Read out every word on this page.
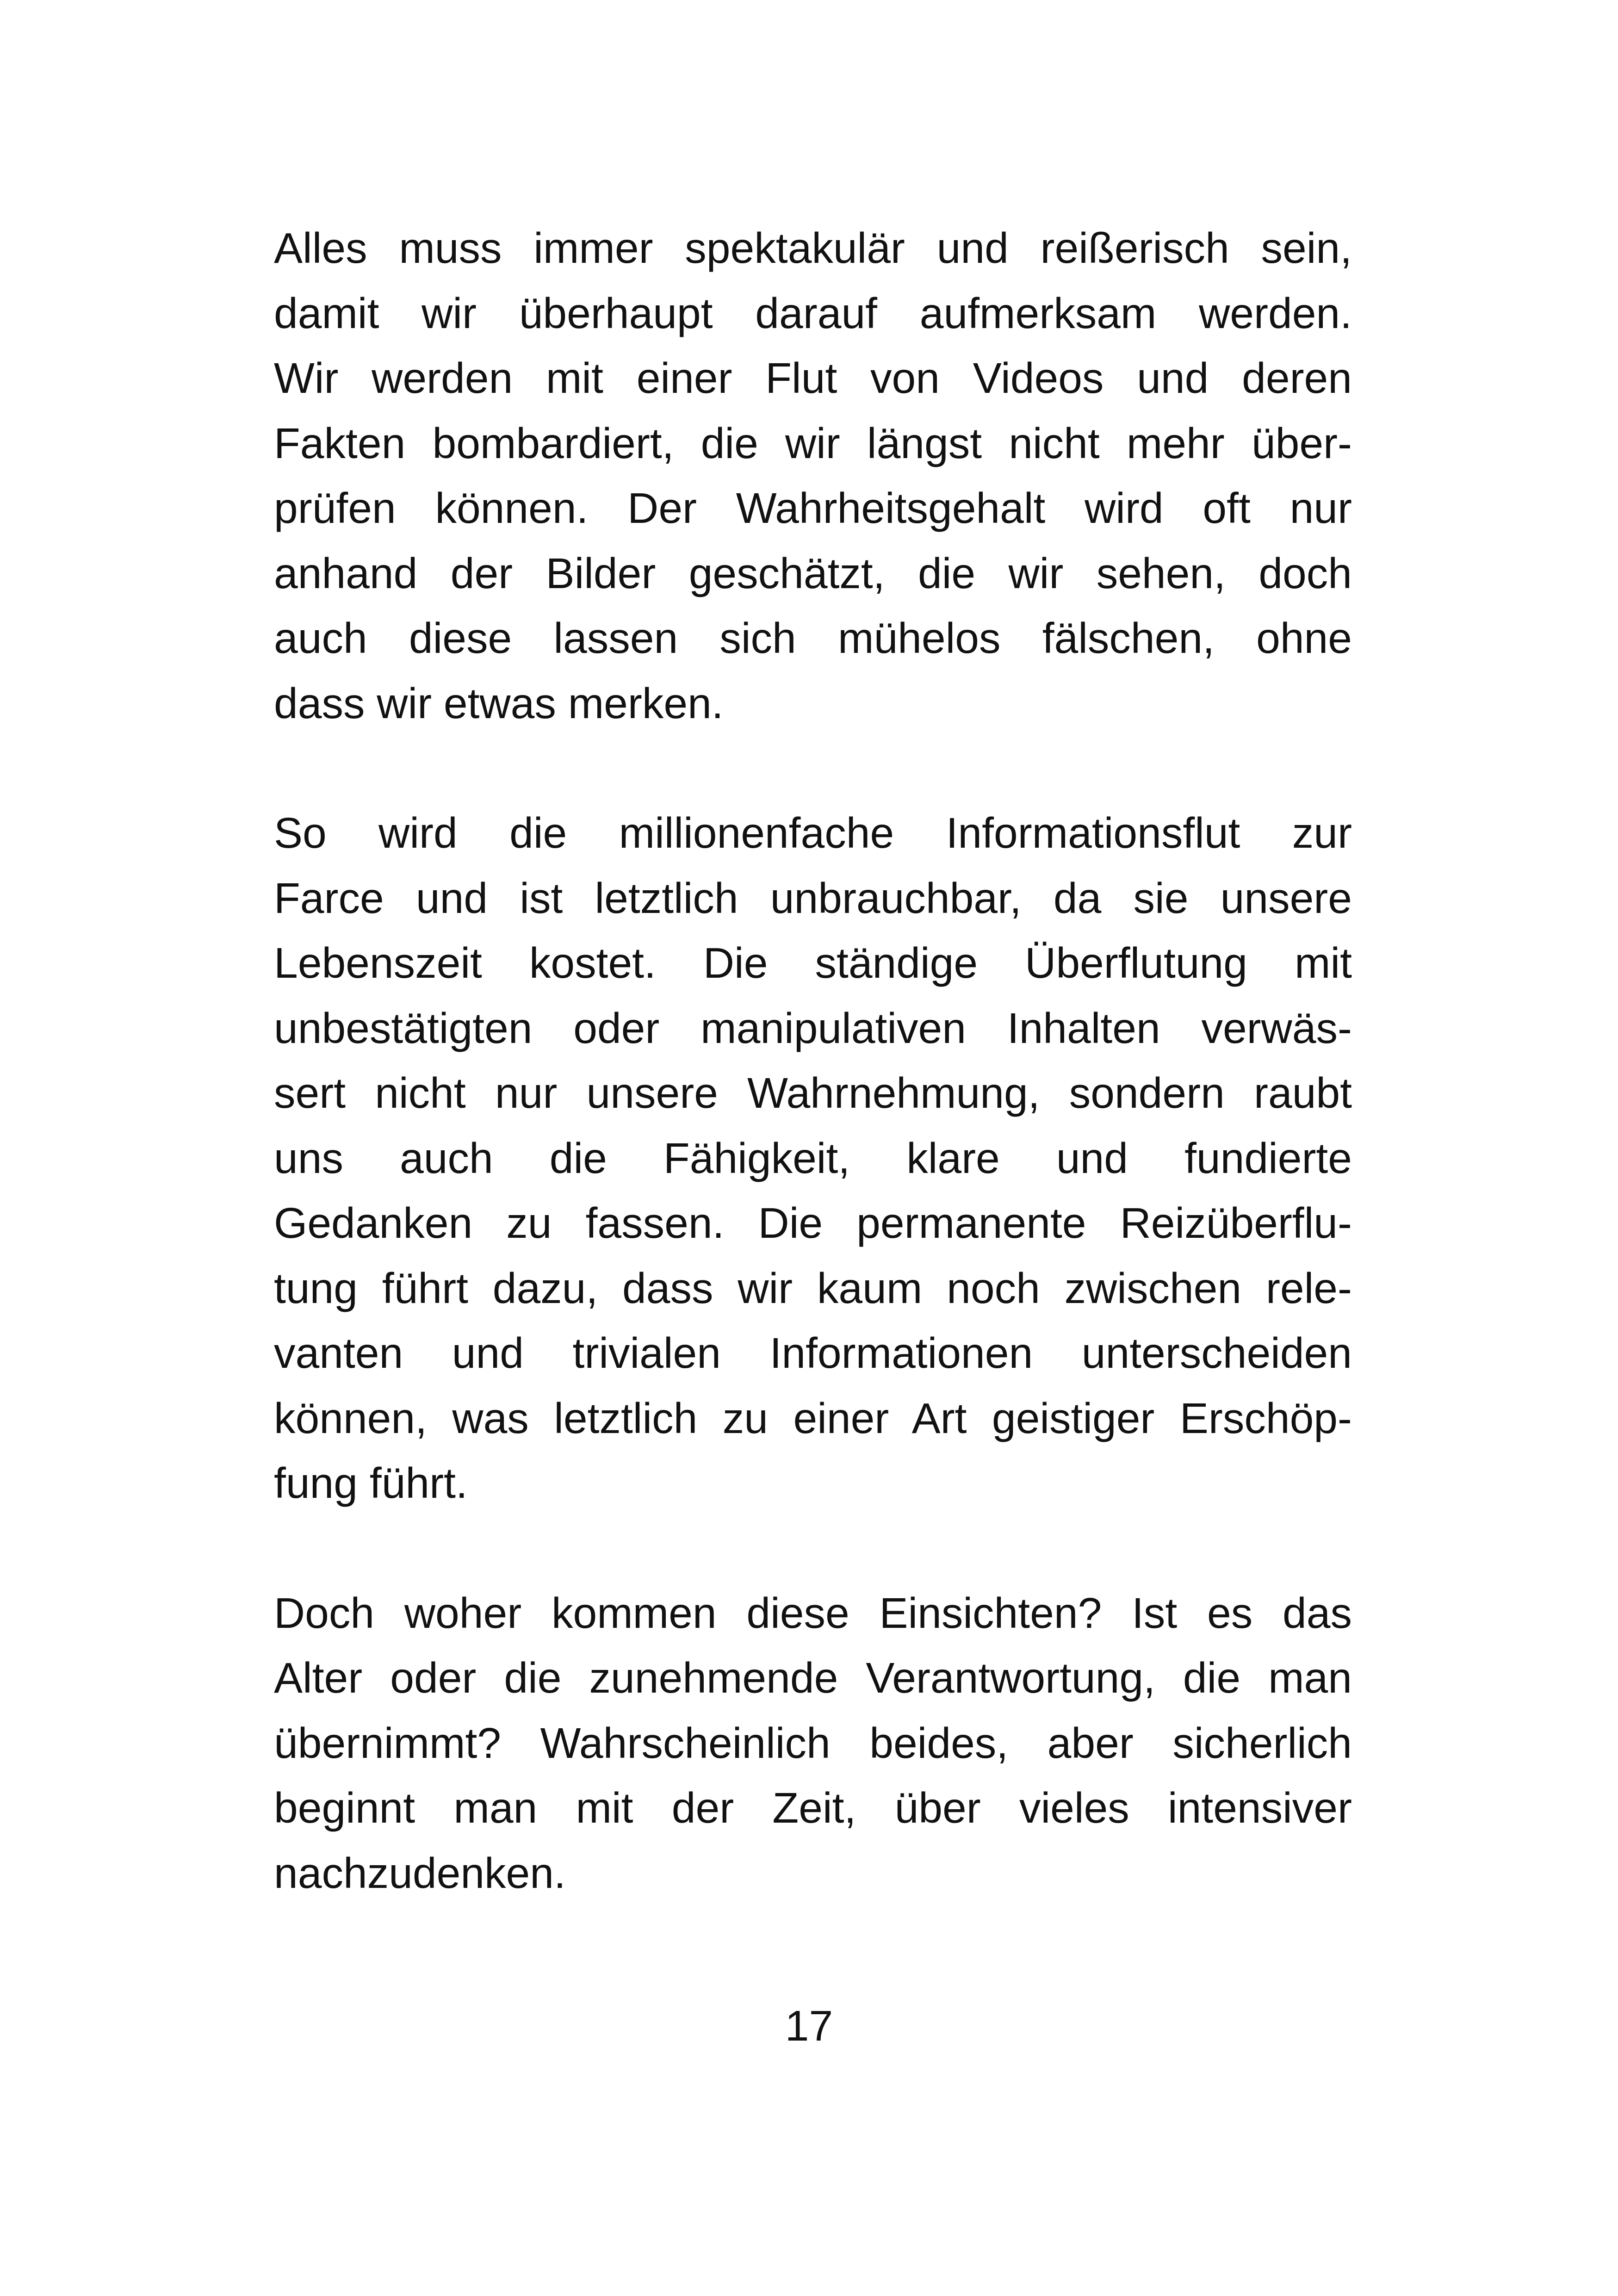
Alles muss immer spektakulär und reißerisch sein,
damit wir überhaupt darauf aufmerksam werden.
Wir werden mit einer Flut von Videos und deren
Fakten bombardiert, die wir längst nicht mehr über-
prüfen können. Der Wahrheitsgehalt wird oft nur
anhand der Bilder geschätzt, die wir sehen, doch
auch diese lassen sich mühelos fälschen, ohne
dass wir etwas merken.
So wird die millionenfache Informationsflut zur
Farce und ist letztlich unbrauchbar, da sie unsere
Lebenszeit kostet. Die ständige Überflutung mit
unbestätigten oder manipulativen Inhalten verwäs-
sert nicht nur unsere Wahrnehmung, sondern raubt
uns auch die Fähigkeit, klare und fundierte
Gedanken zu fassen. Die permanente Reizüberflu-
tung führt dazu, dass wir kaum noch zwischen rele-
vanten und trivialen Informationen unterscheiden
können, was letztlich zu einer Art geistiger Erschöp-
fung führt.
Doch woher kommen diese Einsichten? Ist es das
Alter oder die zunehmende Verantwortung, die man
übernimmt? Wahrscheinlich beides, aber sicherlich
beginnt man mit der Zeit, über vieles intensiver
nachzudenken.
17
